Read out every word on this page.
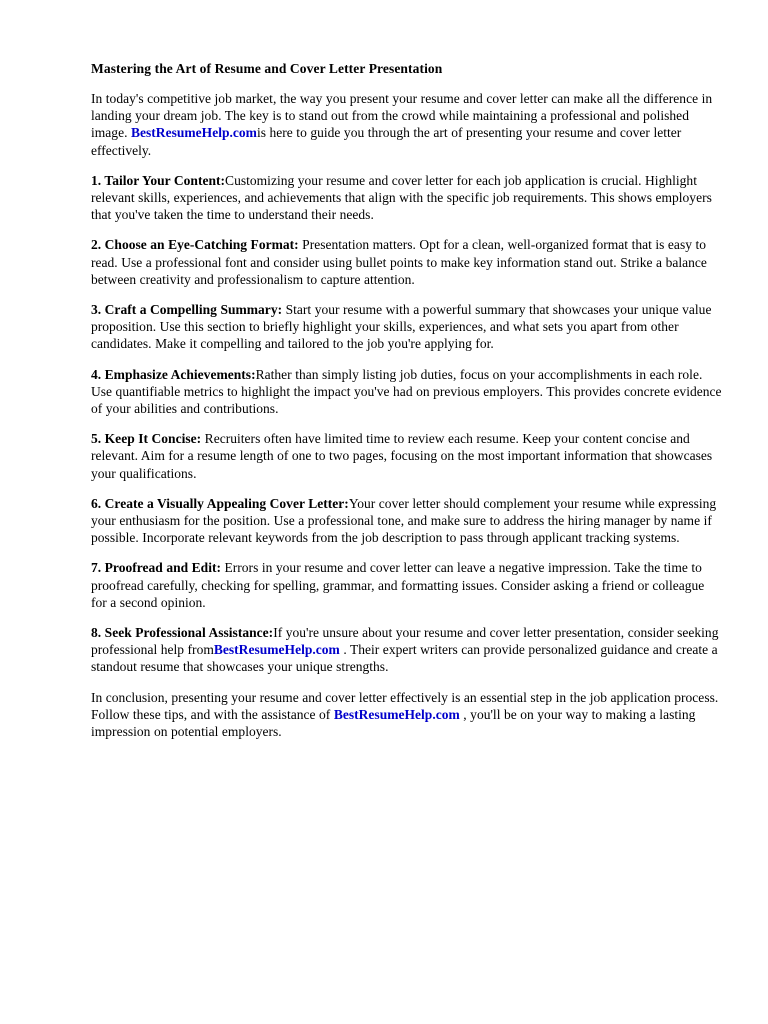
Mastering the Art of Resume and Cover Letter Presentation

In today's competitive job market, the way you present your resume and cover letter can make all the difference in landing your dream job. The key is to stand out from the crowd while maintaining a professional and polished image. BestResumeHelp.comis here to guide you through the art of presenting your resume and cover letter effectively.

1. Tailor Your Content:Customizing your resume and cover letter for each job application is crucial. Highlight relevant skills, experiences, and achievements that align with the specific job requirements. This shows employers that you've taken the time to understand their needs.

2. Choose an Eye-Catching Format: Presentation matters. Opt for a clean, well-organized format that is easy to read. Use a professional font and consider using bullet points to make key information stand out. Strike a balance between creativity and professionalism to capture attention.

3. Craft a Compelling Summary: Start your resume with a powerful summary that showcases your unique value proposition. Use this section to briefly highlight your skills, experiences, and what sets you apart from other candidates. Make it compelling and tailored to the job you're applying for.

4. Emphasize Achievements:Rather than simply listing job duties, focus on your accomplishments in each role. Use quantifiable metrics to highlight the impact you've had on previous employers. This provides concrete evidence of your abilities and contributions.

5. Keep It Concise: Recruiters often have limited time to review each resume. Keep your content concise and relevant. Aim for a resume length of one to two pages, focusing on the most important information that showcases your qualifications.

6. Create a Visually Appealing Cover Letter:Your cover letter should complement your resume while expressing your enthusiasm for the position. Use a professional tone, and make sure to address the hiring manager by name if possible. Incorporate relevant keywords from the job description to pass through applicant tracking systems.

7. Proofread and Edit: Errors in your resume and cover letter can leave a negative impression. Take the time to proofread carefully, checking for spelling, grammar, and formatting issues. Consider asking a friend or colleague for a second opinion.

8. Seek Professional Assistance:If you're unsure about your resume and cover letter presentation, consider seeking professional help fromBestResumeHelp.com . Their expert writers can provide personalized guidance and create a standout resume that showcases your unique strengths.

In conclusion, presenting your resume and cover letter effectively is an essential step in the job application process. Follow these tips, and with the assistance of BestResumeHelp.com , you'll be on your way to making a lasting impression on potential employers.
